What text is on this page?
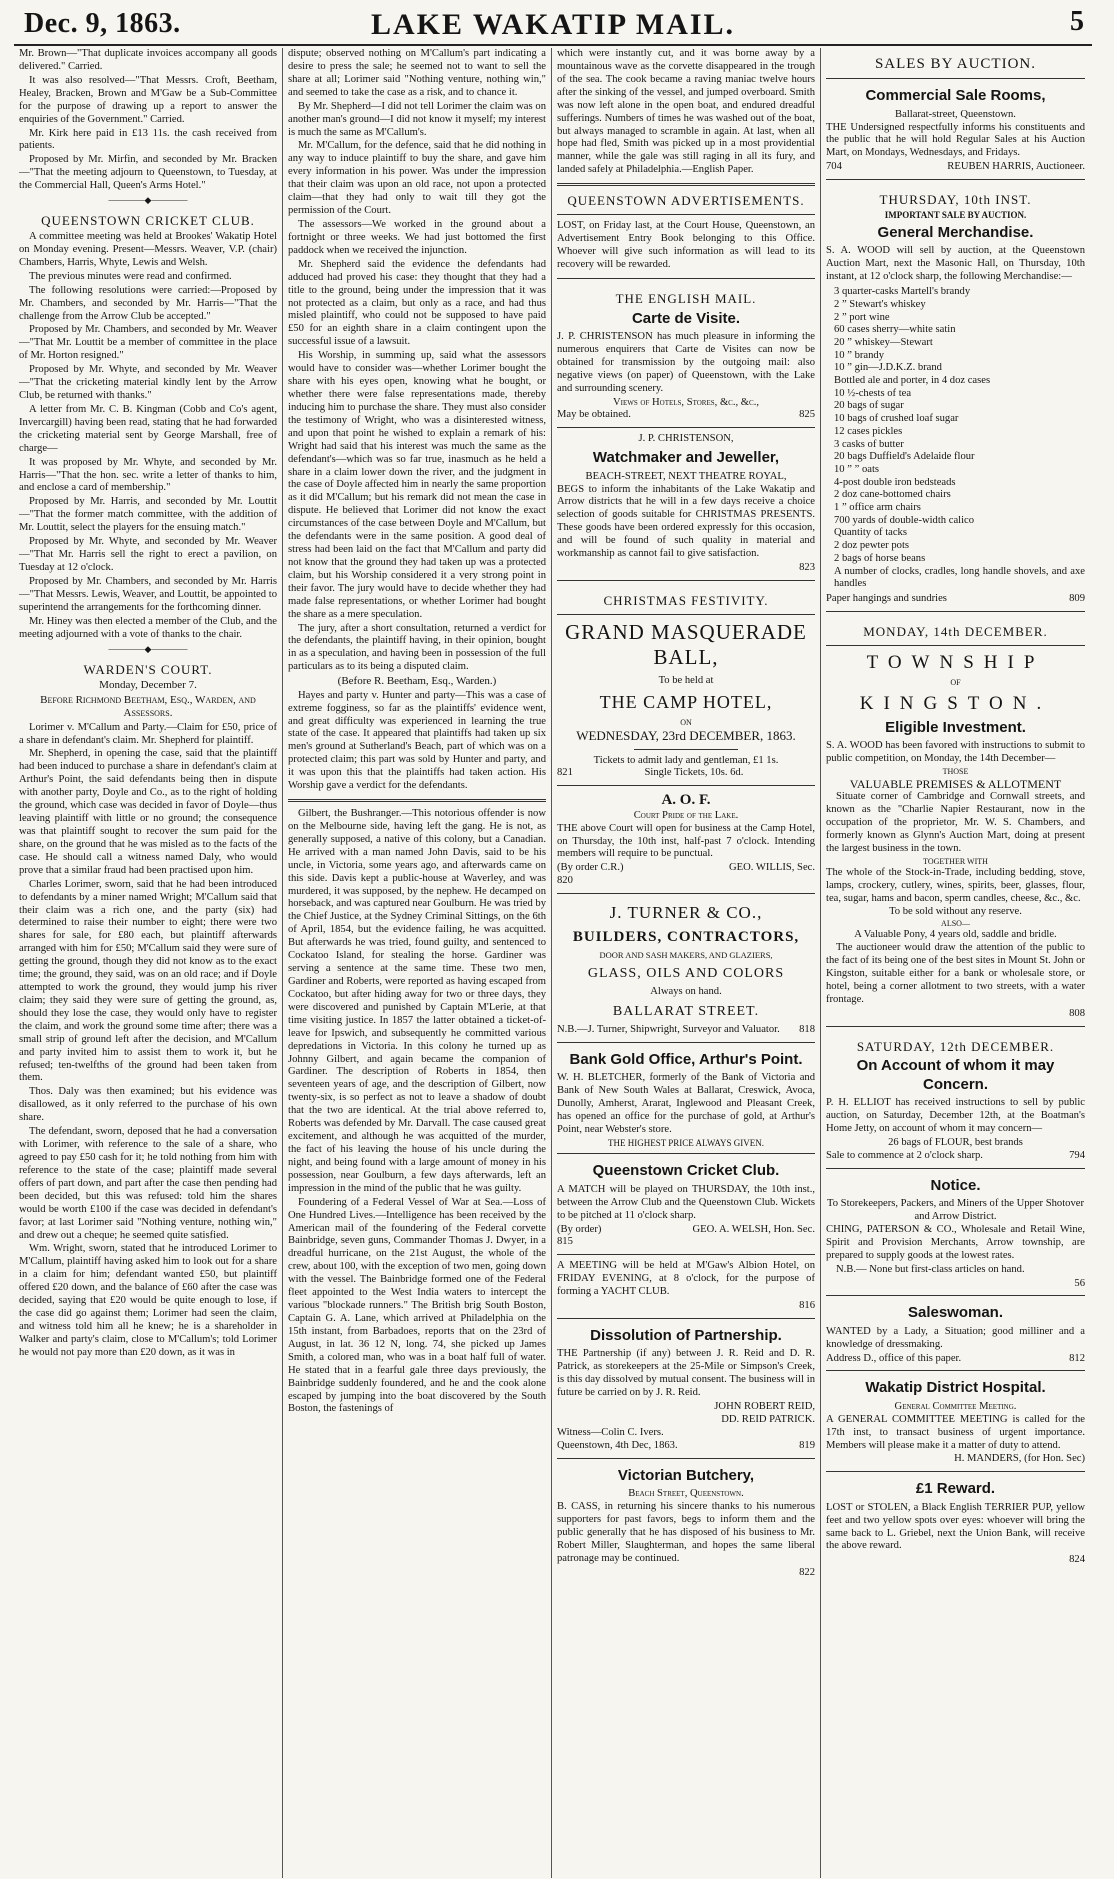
Dec. 9, 1863.	LAKE WAKATIP MAIL.	5

Mr. Brown—"That duplicate invoices accompany all goods delivered." Carried.

It was also resolved—"That Messrs. Croft, Beetham, Healey, Bracken, Brown and M'Gaw be a Sub-Committee for the purpose of drawing up a report to answer the enquiries of the Government." Carried.

Mr. Kirk here paid in £13 11s. the cash received from patients.

Proposed by Mr. Mirfin, and seconded by Mr. Bracken—"That the meeting adjourn to Queenstown, to Tuesday, at the Commercial Hall, Queen's Arms Hotel."

————◆————
QUEENSTOWN CRICKET CLUB.

A committee meeting was held at Brookes' Wakatip Hotel on Monday evening. Present—Messrs. Weaver, V.P. (chair) Chambers, Harris, Whyte, Lewis and Welsh.

The previous minutes were read and confirmed.

The following resolutions were carried:—Proposed by Mr. Chambers, and seconded by Mr. Harris—"That the challenge from the Arrow Club be accepted."

Proposed by Mr. Chambers, and seconded by Mr. Weaver—"That Mr. Louttit be a member of committee in the place of Mr. Horton resigned."

Proposed by Mr. Whyte, and seconded by Mr. Weaver—"That the cricketing material kindly lent by the Arrow Club, be returned with thanks."

A letter from Mr. C. B. Kingman (Cobb and Co's agent, Invercargill) having been read, stating that he had forwarded the cricketing material sent by George Marshall, free of charge—

It was proposed by Mr. Whyte, and seconded by Mr. Harris—"That the hon. sec. write a letter of thanks to him, and enclose a card of membership."

Proposed by Mr. Harris, and seconded by Mr. Louttit—"That the former match committee, with the addition of Mr. Louttit, select the players for the ensuing match."

Proposed by Mr. Whyte, and seconded by Mr. Weaver—"That Mr. Harris sell the right to erect a pavilion, on Tuesday at 12 o'clock.

Proposed by Mr. Chambers, and seconded by Mr. Harris—"That Messrs. Lewis, Weaver, and Louttit, be appointed to superintend the arrangements for the forthcoming dinner.

Mr. Hiney was then elected a member of the Club, and the meeting adjourned with a vote of thanks to the chair.

————◆————
WARDEN'S COURT.
Monday, December 7.
Before Richmond Beetham, Esq., Warden, and Assessors.

Lorimer v. M'Callum and Party.—Claim for £50, price of a share in defendant's claim. Mr. Shepherd for plaintiff.

Mr. Shepherd, in opening the case, said that the plaintiff had been induced to purchase a share in defendant's claim at Arthur's Point, the said defendants being then in dispute with another party, Doyle and Co., as to the right of holding the ground, which case was decided in favor of Doyle—thus leaving plaintiff with little or no ground; the consequence was that plaintiff sought to recover the sum paid for the share, on the ground that he was misled as to the facts of the case. He should call a witness named Daly, who would prove that a similar fraud had been practised upon him.

Charles Lorimer, sworn, said that he had been introduced to defendants by a miner named Wright; M'Callum said that their claim was a rich one, and the party (six) had determined to raise their number to eight; there were two shares for sale, for £80 each, but plaintiff afterwards arranged with him for £50; M'Callum said they were sure of getting the ground, though they did not know as to the exact time; the ground, they said, was on an old race; and if Doyle attempted to work the ground, they would jump his river claim; they said they were sure of getting the ground, as, should they lose the case, they would only have to register the claim, and work the ground some time after; there was a small strip of ground left after the decision, and M'Callum and party invited him to assist them to work it, but he refused; ten-twelfths of the ground had been taken from them.

Thos. Daly was then examined; but his evidence was disallowed, as it only referred to the purchase of his own share.

The defendant, sworn, deposed that he had a conversation with Lorimer, with reference to the sale of a share, who agreed to pay £50 cash for it; he told nothing from him with reference to the state of the case; plaintiff made several offers of part down, and part after the case then pending had been decided, but this was refused: told him the shares would be worth £100 if the case was decided in defendant's favor; at last Lorimer said "Nothing venture, nothing win," and drew out a cheque; he seemed quite satisfied.

Wm. Wright, sworn, stated that he introduced Lorimer to M'Callum, plaintiff having asked him to look out for a share in a claim for him; defendant wanted £50, but plaintiff offered £20 down, and the balance of £60 after the case was decided, saying that £20 would be quite enough to lose, if the case did go against them; Lorimer had seen the claim, and witness told him all he knew; he is a shareholder in Walker and party's claim, close to M'Callum's; told Lorimer he would not pay more than £20 down, as it was in

dispute; observed nothing on M'Callum's part indicating a desire to press the sale; he seemed not to want to sell the share at all; Lorimer said "Nothing venture, nothing win," and seemed to take the case as a risk, and to chance it.

By Mr. Shepherd—I did not tell Lorimer the claim was on another man's ground—I did not know it myself; my interest is much the same as M'Callum's.

Mr. M'Callum, for the defence, said that he did nothing in any way to induce plaintiff to buy the share, and gave him every information in his power. Was under the impression that their claim was upon an old race, not upon a protected claim—that they had only to wait till they got the permission of the Court.

The assessors—We worked in the ground about a fortnight or three weeks. We had just bottomed the first paddock when we received the injunction.

Mr. Shepherd said the evidence the defendants had adduced had proved his case: they thought that they had a title to the ground, being under the impression that it was not protected as a claim, but only as a race, and had thus misled plaintiff, who could not be supposed to have paid £50 for an eighth share in a claim contingent upon the successful issue of a lawsuit.

His Worship, in summing up, said what the assessors would have to consider was—whether Lorimer bought the share with his eyes open, knowing what he bought, or whether there were false representations made, thereby inducing him to purchase the share. They must also consider the testimony of Wright, who was a disinterested witness, and upon that point he wished to explain a remark of his: Wright had said that his interest was much the same as the defendant's—which was so far true, inasmuch as he held a share in a claim lower down the river, and the judgment in the case of Doyle affected him in nearly the same proportion as it did M'Callum; but his remark did not mean the case in dispute. He believed that Lorimer did not know the exact circumstances of the case between Doyle and M'Callum, but the defendants were in the same position. A good deal of stress had been laid on the fact that M'Callum and party did not know that the ground they had taken up was a protected claim, but his Worship considered it a very strong point in their favor. The jury would have to decide whether they had made false representations, or whether Lorimer had bought the share as a mere speculation.

The jury, after a short consultation, returned a verdict for the defendants, the plaintiff having, in their opinion, bought in as a speculation, and having been in possession of the full particulars as to its being a disputed claim.

(Before R. Beetham, Esq., Warden.)

Hayes and party v. Hunter and party—This was a case of extreme fogginess, so far as the plaintiffs' evidence went, and great difficulty was experienced in learning the true state of the case. It appeared that plaintiffs had taken up six men's ground at Sutherland's Beach, part of which was on a protected claim; this part was sold by Hunter and party, and it was upon this that the plaintiffs had taken action. His Worship gave a verdict for the defendants.

Gilbert, the Bushranger.—This notorious offender is now on the Melbourne side, having left the gang. He is not, as generally supposed, a native of this colony, but a Canadian. He arrived with a man named John Davis, said to be his uncle, in Victoria, some years ago, and afterwards came on this side. Davis kept a public-house at Waverley, and was murdered, it was supposed, by the nephew. He decamped on horseback, and was captured near Goulburn. He was tried by the Chief Justice, at the Sydney Criminal Sittings, on the 6th of April, 1854, but the evidence failing, he was acquitted. But afterwards he was tried, found guilty, and sentenced to Cockatoo Island, for stealing the horse. Gardiner was serving a sentence at the same time. These two men, Gardiner and Roberts, were reported as having escaped from Cockatoo, but after hiding away for two or three days, they were discovered and punished by Captain M'Lerie, at that time visiting justice. In 1857 the latter obtained a ticket-of-leave for Ipswich, and subsequently he committed various depredations in Victoria. In this colony he turned up as Johnny Gilbert, and again became the companion of Gardiner. The description of Roberts in 1854, then seventeen years of age, and the description of Gilbert, now twenty-six, is so perfect as not to leave a shadow of doubt that the two are identical. At the trial above referred to, Roberts was defended by Mr. Darvall. The case caused great excitement, and although he was acquitted of the murder, the fact of his leaving the house of his uncle during the night, and being found with a large amount of money in his possession, near Goulburn, a few days afterwards, left an impression in the mind of the public that he was guilty.

Foundering of a Federal Vessel of War at Sea.—Loss of One Hundred Lives.—Intelligence has been received by the American mail of the foundering of the Federal corvette Bainbridge, seven guns, Commander Thomas J. Dwyer, in a dreadful hurricane, on the 21st August, the whole of the crew, about 100, with the exception of two men, going down with the vessel. The Bainbridge formed one of the Federal fleet appointed to the West India waters to intercept the various "blockade runners." The British brig South Boston, Captain G. A. Lane, which arrived at Philadelphia on the 15th instant, from Barbadoes, reports that on the 23rd of August, in lat. 36 12 N, long. 74, she picked up James Smith, a colored man, who was in a boat half full of water. He stated that in a fearful gale three days previously, the Bainbridge suddenly foundered, and he and the cook alone escaped by jumping into the boat discovered by the South Boston, the fastenings of

which were instantly cut, and it was borne away by a mountainous wave as the corvette disappeared in the trough of the sea. The cook became a raving maniac twelve hours after the sinking of the vessel, and jumped overboard. Smith was now left alone in the open boat, and endured dreadful sufferings. Numbers of times he was washed out of the boat, but always managed to scramble in again. At last, when all hope had fled, Smith was picked up in a most providential manner, while the gale was still raging in all its fury, and landed safely at Philadelphia.—English Paper.

QUEENSTOWN ADVERTISEMENTS.

LOST, on Friday last, at the Court House, Queenstown, an Advertisement Entry Book belonging to this Office. Whoever will give such information as will lead to its recovery will be rewarded.

THE ENGLISH MAIL.
Carte de Visite.

J. P. CHRISTENSON has much pleasure in informing the numerous enquirers that Carte de Visites can now be obtained for transmission by the outgoing mail: also negative views (on paper) of Queenstown, with the Lake and surrounding scenery.

Views of Hotels, Stores, &c., &c.,
May be obtained.	825
J. P. CHRISTENSON,
Watchmaker and Jeweller,
BEACH-STREET, NEXT THEATRE ROYAL,

BEGS to inform the inhabitants of the Lake Wakatip and Arrow districts that he will in a few days receive a choice selection of goods suitable for CHRISTMAS PRESENTS. These goods have been ordered expressly for this occasion, and will be found of such quality in material and workmanship as cannot fail to give satisfaction.

823
CHRISTMAS FESTIVITY.
GRAND MASQUERADE BALL,
To be held at
THE CAMP HOTEL,
ON
WEDNESDAY, 23rd DECEMBER, 1863.
Tickets to admit lady and gentleman, £1 1s.
821	Single Tickets, 10s. 6d.
A. O. F.
Court Pride of the Lake.

THE above Court will open for business at the Camp Hotel, on Thursday, the 10th inst, half-past 7 o'clock. Intending members will require to be punctual.

(By order C.R.)	GEO. WILLIS, Sec.
820
J. TURNER & CO.,
BUILDERS, CONTRACTORS,
DOOR AND SASH MAKERS, AND GLAZIERS,
GLASS, OILS AND COLORS
Always on hand.
BALLARAT STREET.
N.B.—J. Turner, Shipwright, Surveyor and Valuator. 818
Bank Gold Office, Arthur's Point.

W. H. BLETCHER, formerly of the Bank of Victoria and Bank of New South Wales at Ballarat, Creswick, Avoca, Dunolly, Amherst, Ararat, Inglewood and Pleasant Creek, has opened an office for the purchase of gold, at Arthur's Point, near Webster's store.

THE HIGHEST PRICE ALWAYS GIVEN.
Queenstown Cricket Club.

A MATCH will be played on THURSDAY, the 10th inst., between the Arrow Club and the Queenstown Club. Wickets to be pitched at 11 o'clock sharp.

(By order)	GEO. A. WELSH, Hon. Sec.
815

A MEETING will be held at M'Gaw's Albion Hotel, on FRIDAY EVENING, at 8 o'clock, for the purpose of forming a YACHT CLUB.

816
Dissolution of Partnership.

THE Partnership (if any) between J. R. Reid and D. R. Patrick, as storekeepers at the 25-Mile or Simpson's Creek, is this day dissolved by mutual consent. The business will in future be carried on by J. R. Reid.

JOHN ROBERT REID,
DD. REID PATRICK.
Witness—Colin C. Ivers.
Queenstown, 4th Dec, 1863.	819
Victorian Butchery,
Beach Street, Queenstown.

B. CASS, in returning his sincere thanks to his numerous supporters for past favors, begs to inform them and the public generally that he has disposed of his business to Mr. Robert Miller, Slaughterman, and hopes the same liberal patronage may be continued.

822
SALES BY AUCTION.
Commercial Sale Rooms,
Ballarat-street, Queenstown.

THE Undersigned respectfully informs his constituents and the public that he will hold Regular Sales at his Auction Mart, on Mondays, Wednesdays, and Fridays.

704	REUBEN HARRIS, Auctioneer.
THURSDAY, 10th INST.
IMPORTANT SALE BY AUCTION.
General Merchandise.

S. A. WOOD will sell by auction, at the Queenstown Auction Mart, next the Masonic Hall, on Thursday, 10th instant, at 12 o'clock sharp, the following Merchandise:—

3 quarter-casks Martell's brandy
2 ” Stewart's whiskey
2 ” port wine
60 cases sherry—white satin
20 ” whiskey—Stewart
10 ” brandy
10 ” gin—J.D.K.Z. brand
Bottled ale and porter, in 4 doz cases
10 ½-chests of tea
20 bags of sugar
10 bags of crushed loaf sugar
12 cases pickles
3 casks of butter
20 bags Duffield's Adelaide flour
10 ” ” oats
4-post double iron bedsteads
2 doz cane-bottomed chairs
1 ” office arm chairs
700 yards of double-width calico
Quantity of tacks
2 doz pewter pots
2 bags of horse beans
A number of clocks, cradles, long handle shovels, and axe handles
Paper hangings and sundries	809
MONDAY, 14th DECEMBER.
TOWNSHIP
OF
KINGSTON.
Eligible Investment.

S. A. WOOD has been favored with instructions to submit to public competition, on Monday, the 14th December—

THOSE
VALUABLE PREMISES & ALLOTMENT

Situate corner of Cambridge and Cornwall streets, and known as the "Charlie Napier Restaurant, now in the occupation of the proprietor, Mr. W. S. Chambers, and formerly known as Glynn's Auction Mart, doing at present the largest business in the town.

TOGETHER WITH

The whole of the Stock-in-Trade, including bedding, stove, lamps, crockery, cutlery, wines, spirits, beer, glasses, flour, tea, sugar, hams and bacon, sperm candles, cheese, &c., &c.

To be sold without any reserve.
ALSO—
A Valuable Pony, 4 years old, saddle and bridle.

The auctioneer would draw the attention of the public to the fact of its being one of the best sites in Mount St. John or Kingston, suitable either for a bank or wholesale store, or hotel, being a corner allotment to two streets, with a water frontage.

808
SATURDAY, 12th DECEMBER.
On Account of whom it may Concern.

P. H. ELLIOT has received instructions to sell by public auction, on Saturday, December 12th, at the Boatman's Home Jetty, on account of whom it may concern—

26 bags of FLOUR, best brands
Sale to commence at 2 o'clock sharp.	794
Notice.
To Storekeepers, Packers, and Miners of the Upper Shotover and Arrow District.

CHING, PATERSON & CO., Wholesale and Retail Wine, Spirit and Provision Merchants, Arrow township, are prepared to supply goods at the lowest rates.

N.B.— None but first-class articles on hand.

56
Saleswoman.

WANTED by a Lady, a Situation; good milliner and a knowledge of dressmaking.

Address D., office of this paper.	812
Wakatip District Hospital.
General Committee Meeting.

A GENERAL COMMITTEE MEETING is called for the 17th inst, to transact business of urgent importance. Members will please make it a matter of duty to attend.

H. MANDERS, (for Hon. Sec)
£1 Reward.

LOST or STOLEN, a Black English TERRIER PUP, yellow feet and two yellow spots over eyes: whoever will bring the same back to L. Griebel, next the Union Bank, will receive the above reward.

824
